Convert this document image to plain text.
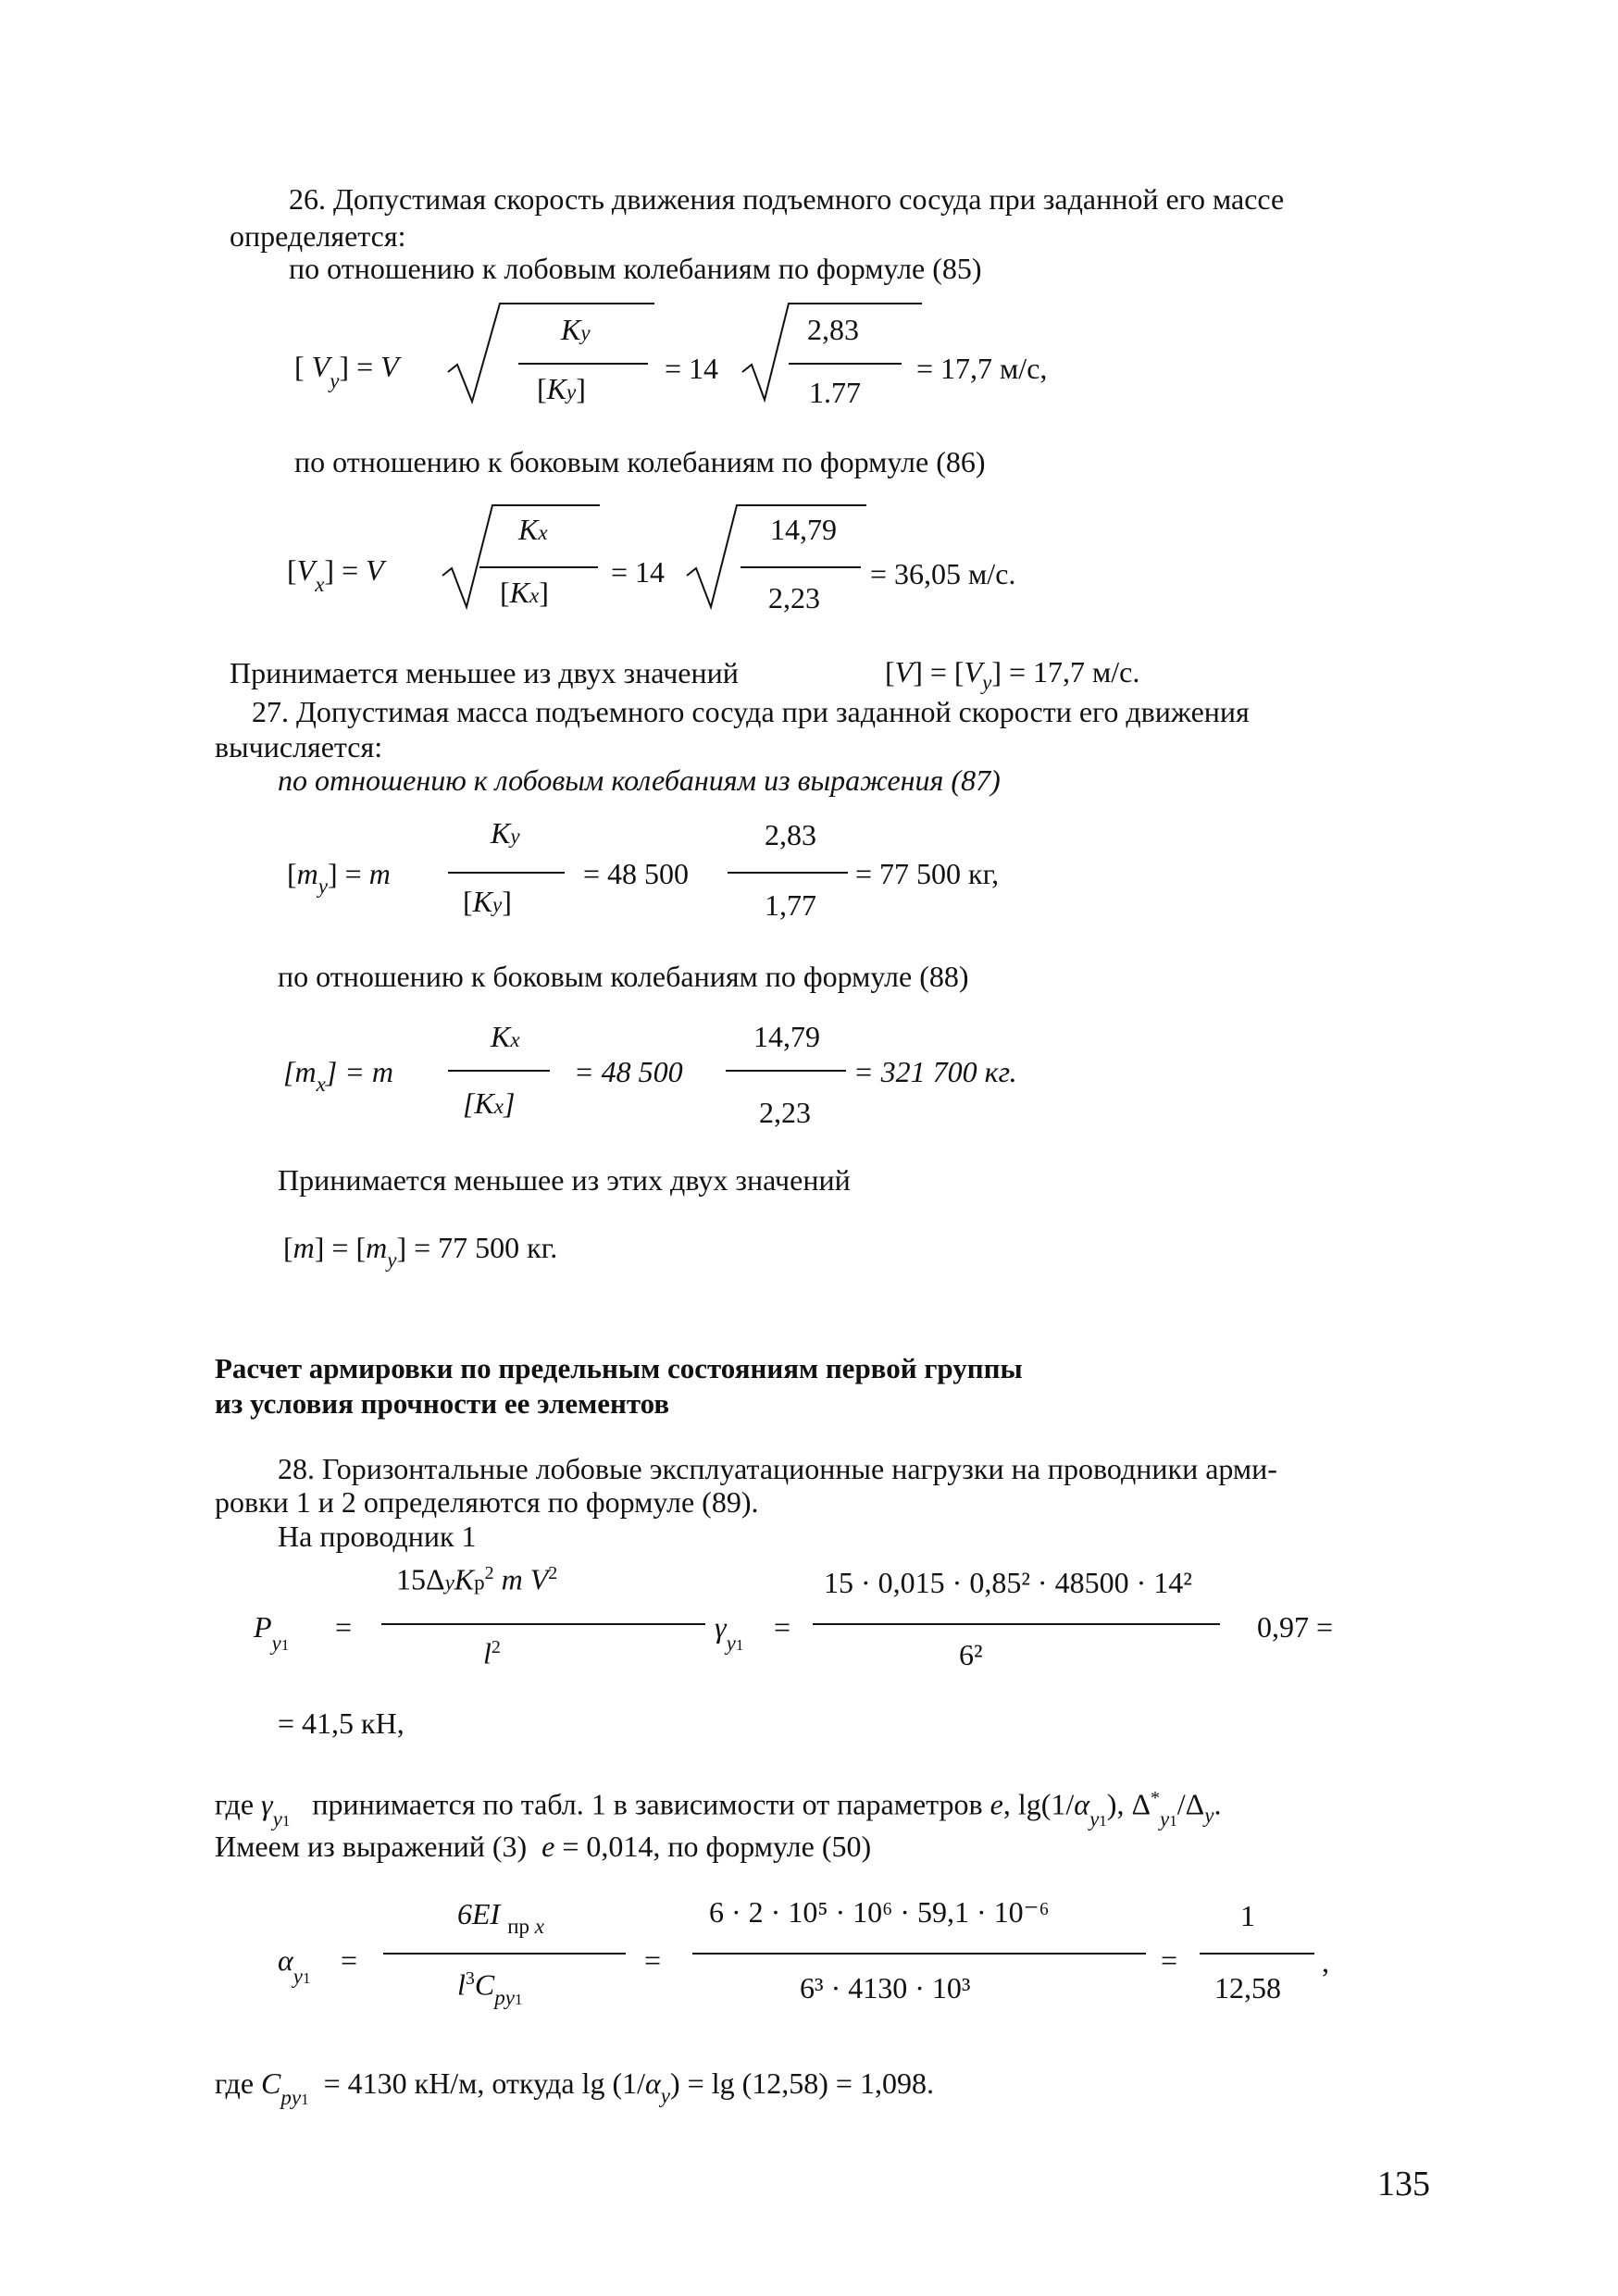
26. Допустимая скорость движения подъемного сосуда при заданной его массе
определяется:
по отношению к лобовым колебаниям по формуле (85)
[ $V_y] = V$
Ky
[Ky]
= 14
2,83
1.77
= 17,7 м/с,
по отношению к боковым колебаниям по формуле (86)
$[V_x] = V$
Kx
[Kx]
= 14
14,79
2,23
= 36,05 м/с.
Принимается меньшее из двух значений	$[V] = [V_y] = 17,7$ м/с.
27. Допустимая масса подъемного сосуда при заданной скорости его движения
вычисляется:
по отношению к лобовым колебаниям из выражения (87)
$[m_y] = m$
Ky
[Ky]
= 48 500
2,83
1,77
= 77 500 кг,
по отношению к боковым колебаниям по формуле (88)
$[m_x] = m$
Kx
[Kx]
= 48 500
14,79
2,23
= 321 700 кг.
Принимается меньшее из этих двух значений
$[m] = [m_y] = 77$ 500 кг.
Расчет армировки по предельным состояниям первой группы
из условия прочности ее элементов
28. Горизонтальные лобовые эксплуатационные нагрузки на проводники арми-
ровки 1 и 2 определяются по формуле (89).
На проводник 1
$P_{y1}$
=
15ΔyKp$^2$ m $V^2$
$l^2$
$\gamma_{y1}$
=
15 · 0,015 · 0,85² · 48500 · 14²
6²
0,97 =
= 41,5 кН,
где $\gamma_{y1}$ принимается по табл. 1 в зависимости от параметров e, $\lg(1/\alpha_{y1})$, $\Delta^*_{y1}/\Delta_y$.
Имеем из выражений (3) e = 0,014, по формуле (50)
$\alpha_{y1}$
=
6EI $_{пр x}$
$l^3C_{py1}$
=
6 · 2 · 10⁵ · 10⁶ · 59,1 · 10⁻⁶
6³ · 4130 · 10³
=
1
12,58
,
где $C_{py1} = 4130$ кН/м, откуда $\lg (1/\alpha_y) = \lg (12,58) = 1,098$.
135
